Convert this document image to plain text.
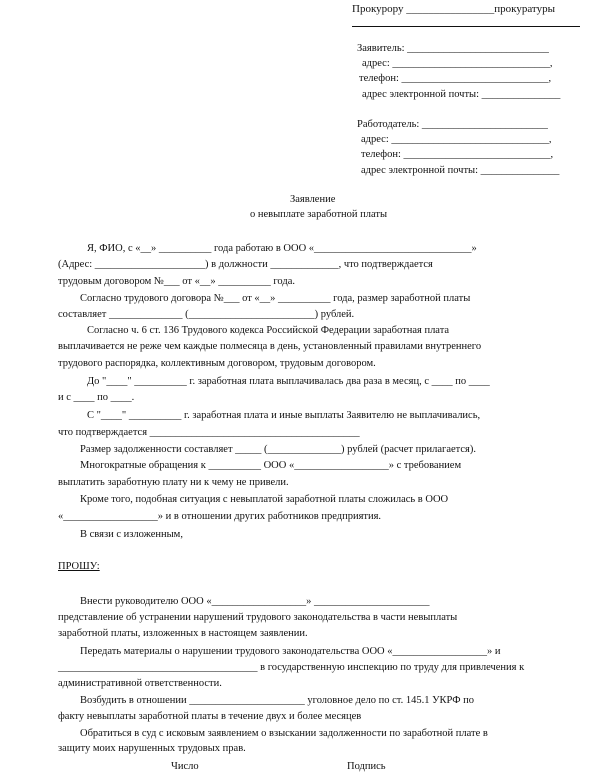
Прокурору ________________прокуратуры
Заявитель: ___________________________
адрес: ______________________________,
телефон: ____________________________,
адрес электронной почты: _______________
Работодатель: ________________________
адрес: ______________________________,
телефон: ____________________________,
адрес электронной почты: _______________
Заявление
о невыплате заработной платы
Я, ФИО, с «__» __________ года работаю в ООО «______________________________»
(Адрес: _____________________) в должности _____________, что подтверждается
трудовым договором №___ от «__» __________ года.
Согласно трудового договора №___ от «__» __________ года, размер заработной платы
составляет ______________ (________________________) рублей.
Согласно ч. 6 ст. 136 Трудового кодекса Российской Федерации заработная плата
выплачивается не реже чем каждые полмесяца в день, установленный правилами внутреннего
трудового распорядка, коллективным договором, трудовым договором.
До "____" __________ г. заработная плата выплачивалась два раза в месяц, с ____ по ____
и с ____ по ____.
С "____" __________ г. заработная плата и иные выплаты Заявителю не выплачивались,
что подтверждается ________________________________________
Размер задолженности составляет _____ (______________) рублей (расчет прилагается).
Многократные обращения к __________ ООО «__________________» с требованием
выплатить заработную плату ни к чему не привели.
Кроме того, подобная ситуация с невыплатой заработной платы сложилась в ООО
«__________________» и в отношении других работников предприятия.
В связи с изложенным,
ПРОШУ:
Внести руководителю ООО «__________________» ______________________
представление об устранении нарушений трудового законодательства в части невыплаты
заработной платы, изложенных в настоящем заявлении.
Передать материалы о нарушении трудового законодательства ООО «__________________» и
______________________________________ в государственную инспекцию по труду для привлечения к
административной ответственности.
Возбудить в отношении ______________________ уголовное дело по ст. 145.1 УКРФ по
факту невыплаты заработной платы в течение двух и более месяцев
Обратиться в суд с исковым заявлением о взыскании задолженности по заработной плате в
защиту моих нарушенных трудовых прав.
Число	Подпись
